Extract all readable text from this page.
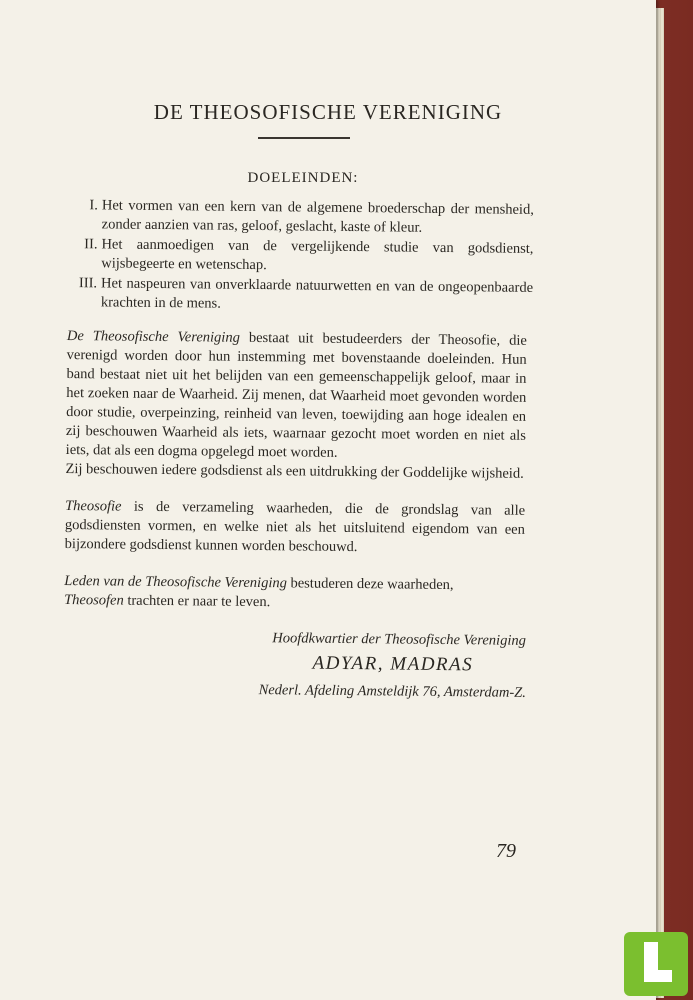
DE THEOSOFISCHE VERENIGING
DOELEINDEN:
I. Het vormen van een kern van de algemene broederschap der mensheid, zonder aanzien van ras, geloof, geslacht, kaste of kleur.
II. Het aanmoedigen van de vergelijkende studie van godsdienst, wijsbegeerte en wetenschap.
III. Het naspeuren van onverklaarde natuurwetten en van de ongeopenbaarde krachten in de mens.

De Theosofische Vereniging bestaat uit bestudeerders der Theosofie, die verenigd worden door hun instemming met bovenstaande doeleinden. Hun band bestaat niet uit het belijden van een gemeenschappelijk geloof, maar in het zoeken naar de Waarheid. Zij menen, dat Waarheid moet gevonden worden door studie, overpeinzing, reinheid van leven, toewijding aan hoge idealen en zij beschouwen Waarheid als iets, waarnaar gezocht moet worden en niet als iets, dat als een dogma opgelegd moet worden.

Zij beschouwen iedere godsdienst als een uitdrukking der Goddelijke wijsheid.

Theosofie is de verzameling waarheden, die de grondslag van alle godsdiensten vormen, en welke niet als het uitsluitend eigendom van een bijzondere godsdienst kunnen worden beschouwd.

Leden van de Theosofische Vereniging bestuderen deze waarheden,
Theosofen trachten er naar te leven.

Hoofdkwartier der Theosofische Vereniging
ADYAR, MADRAS
Nederl. Afdeling Amsteldijk 76, Amsterdam-Z.
79
